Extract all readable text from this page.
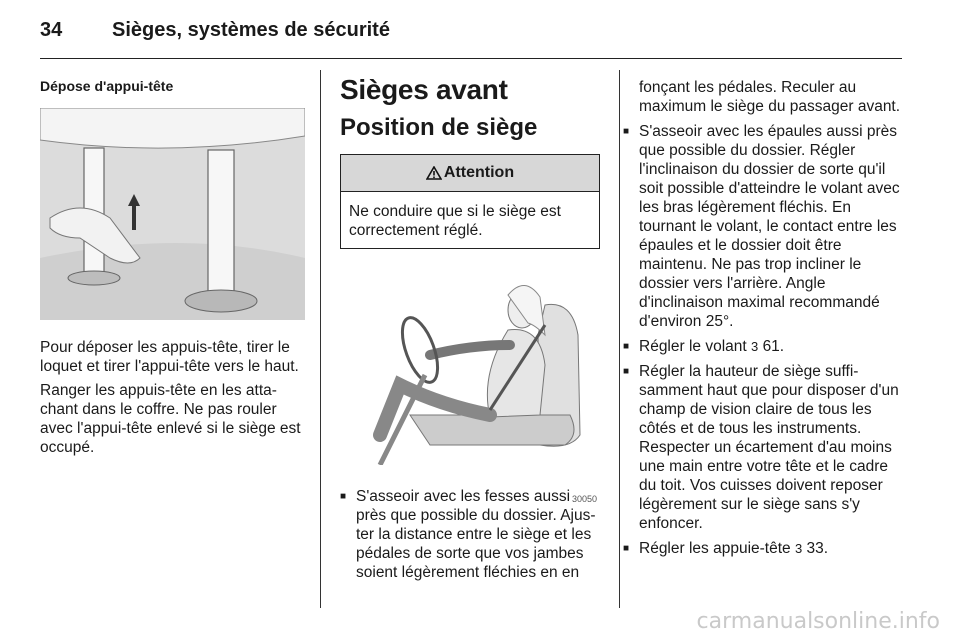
34 Sièges, systèmes de sécurité
Dépose d'appui-tête

Pour déposer les appuis-tête, tirer le loquet et tirer l'appui-tête vers le haut.

Ranger les appuis-tête en les attachant dans le coffre. Ne pas rouler avec l'appui-tête enlevé si le siège est occupé.

Sièges avant
Position de siège
Attention
Ne conduire que si le siège est correctement réglé.
30050
■ S'asseoir avec les fesses aussi près que possible du dossier. Ajuster la distance entre le siège et les pédales de sorte que vos jambes soient légèrement fléchies en en
fonçant les pédales. Reculer au maximum le siège du passager avant.
■ S'asseoir avec les épaules aussi près que possible du dossier. Régler l'inclinaison du dossier de sorte qu'il soit possible d'atteindre le volant avec les bras légèrement fléchis. En tournant le volant, le contact entre les épaules et le dossier doit être maintenu. Ne pas trop incliner le dossier vers l'arrière. Angle d'inclinaison maximal recommandé d'environ 25°.
■ Régler le volant 3 61.
■ Régler la hauteur de siège suffisamment haut que pour disposer d'un champ de vision claire de tous les côtés et de tous les instruments. Respecter un écartement d'au moins une main entre votre tête et le cadre du toit. Vos cuisses doivent reposer légèrement sur le siège sans s'y enfoncer.
■ Régler les appuie-tête 3 33.
carmanualsonline.info
